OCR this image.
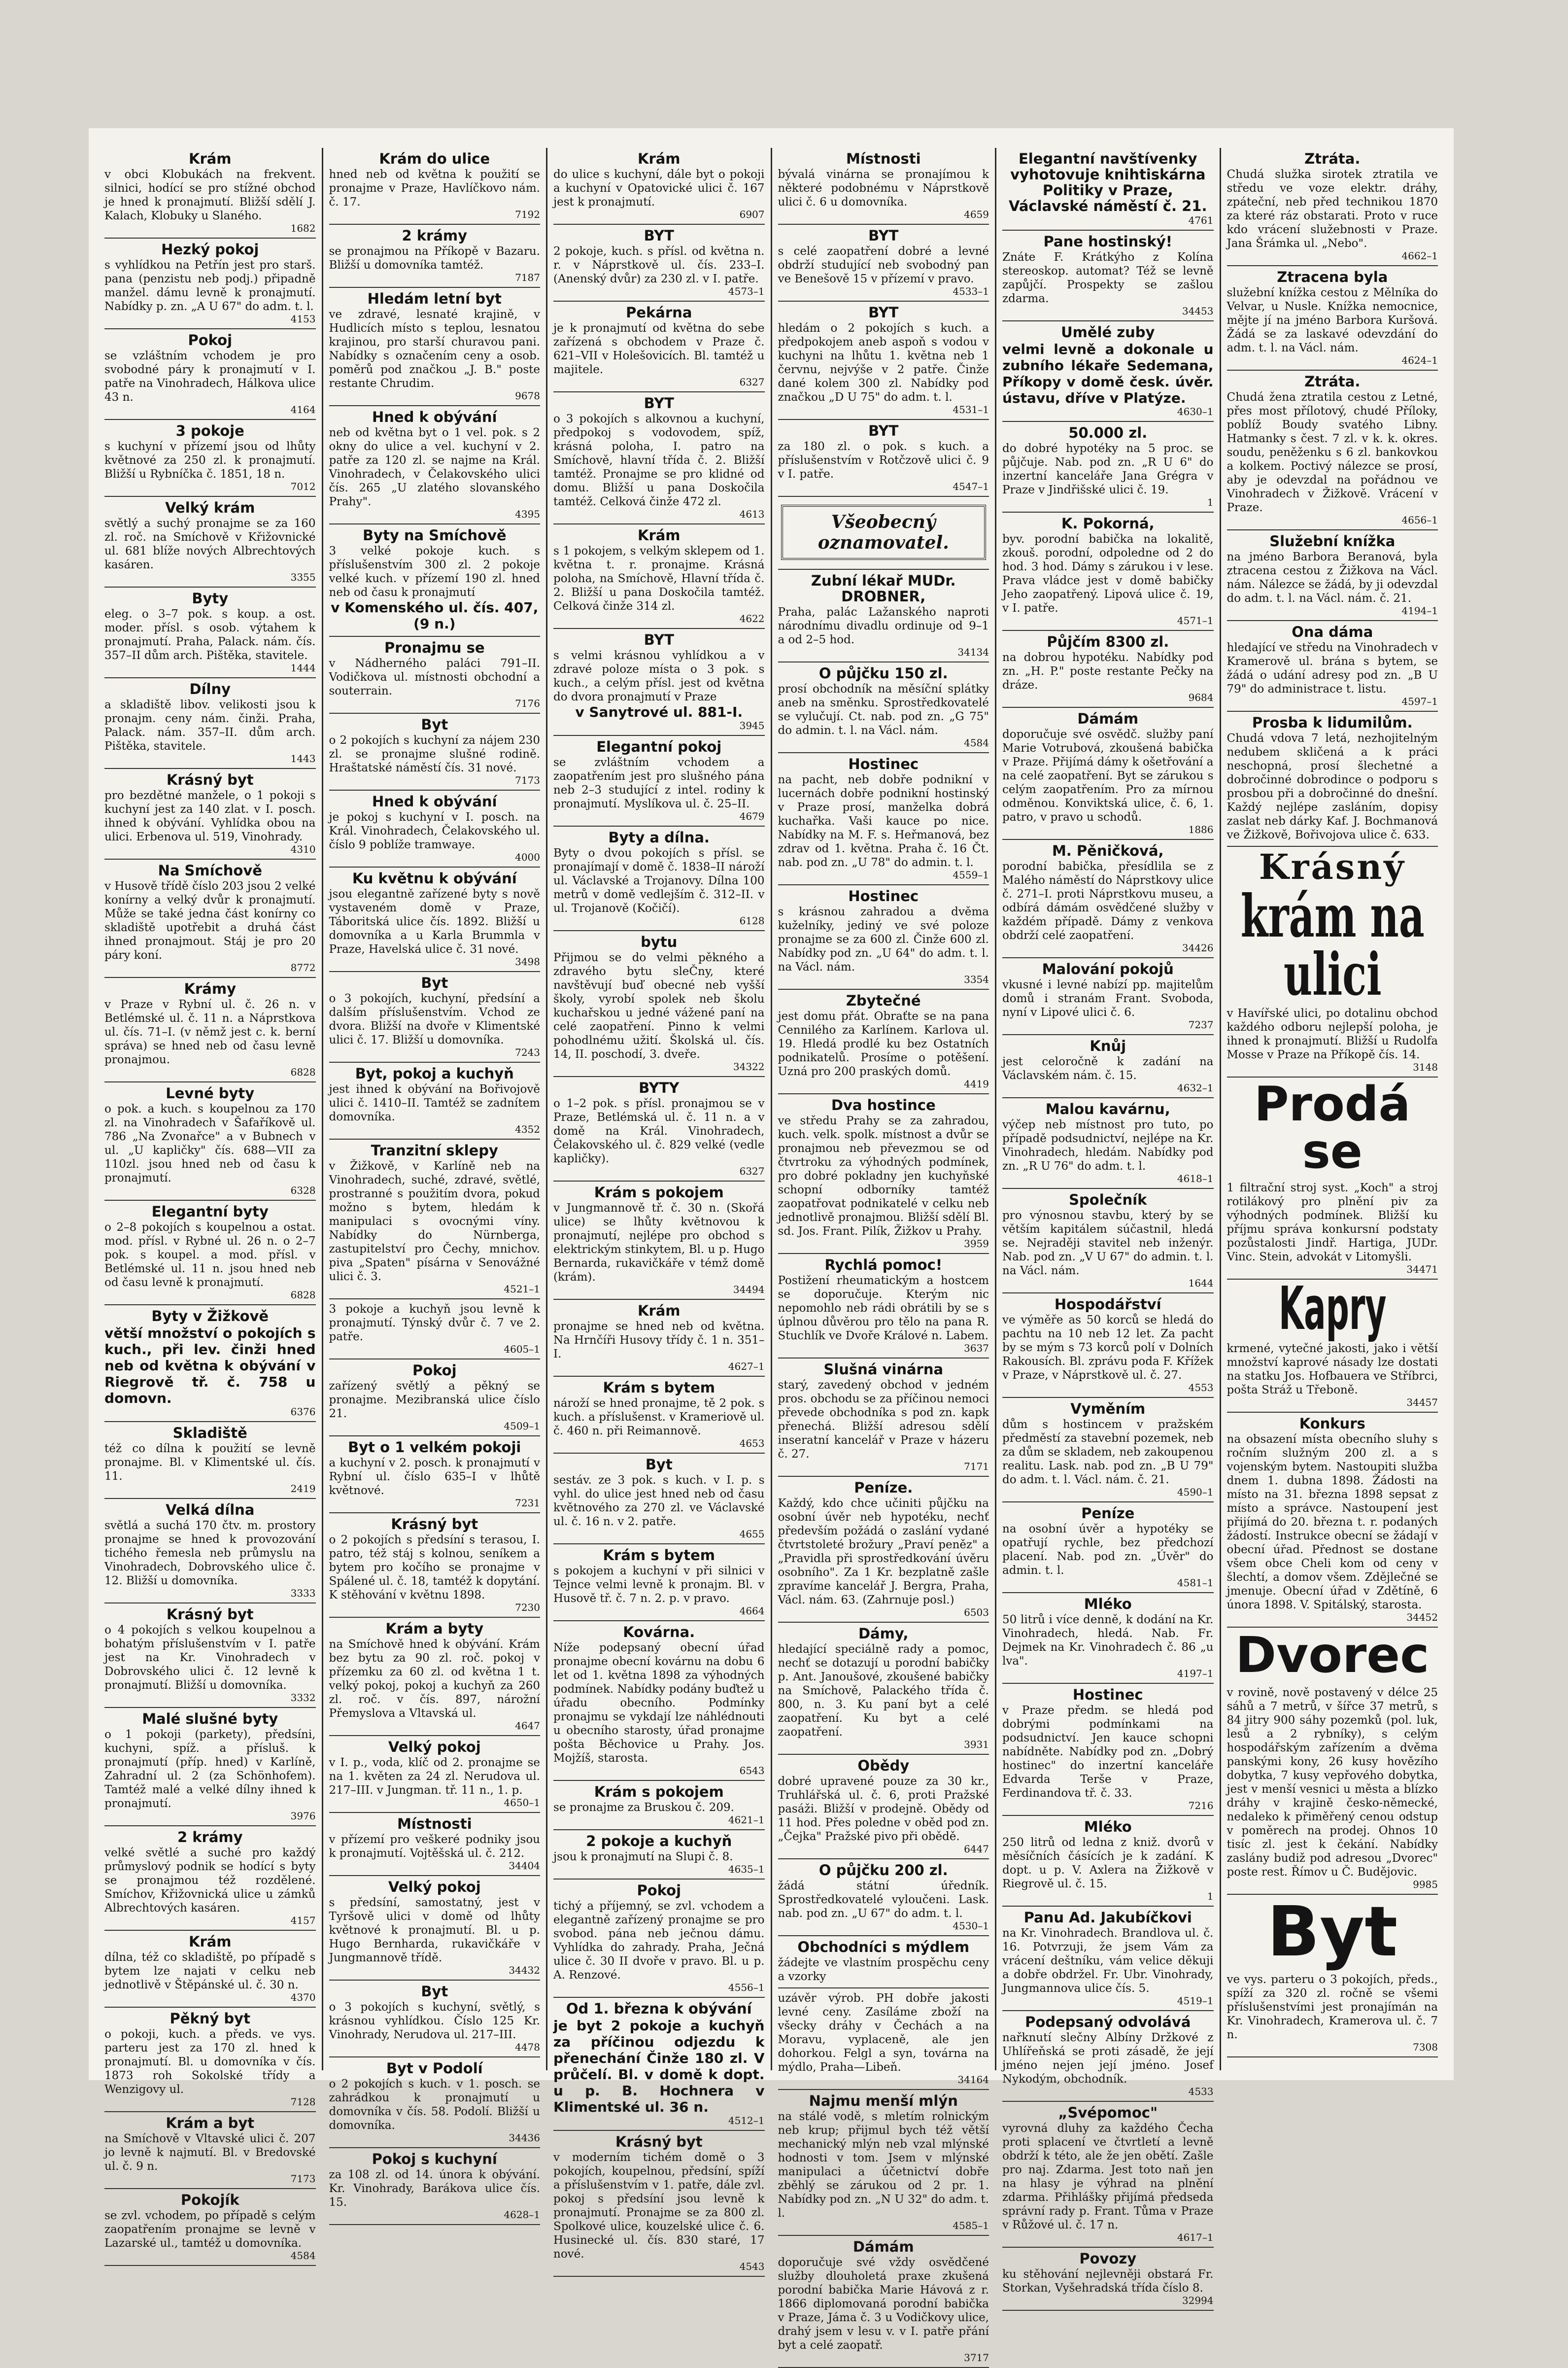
Krám

v obci Klobukách na frekvent. silnici, hodící se pro stížné obchod je hned k pronajmutí. Bližší sdělí J. Kalach, Klobuky u Slaného.

1682

Hezký pokoj

s vyhlídkou na Petřín jest pro starš. pana (penzistu neb podj.) připadně manžel. dámu levně k pronajmutí. Nabídky p. zn. „A U 67" do adm. t. l.

4153

Pokoj

se vzláštním vchodem je pro svobodné páry k pronajmutí v I. patře na Vinohradech, Hálkova ulice 43 n.

4164

3 pokoje

s kuchyní v přízemí jsou od lhůty květnové za 250 zl. k pronajmutí. Bližší u Rybníčka č. 1851, 18 n.

7012

Velký krám

světlý a suchý pronajme se za 160 zl. roč. na Smíchově v Křižovnické ul. 681 blíže nových Albrechtových kasáren.

3355

Byty

eleg. o 3–7 pok. s koup. a ost. moder. přísl. s osob. výtahem k pronajmutí. Praha, Palack. nám. čís. 357–II dům arch. Pištěka, stavitele.

1444

Dílny

a skladiště libov. velikosti jsou k pronajm. ceny nám. činži. Praha, Palack. nám. 357–II. dům arch. Pištěka, stavitele.

1443

Krásný byt

pro bezdětné manžele, o 1 pokoji s kuchyní jest za 140 zlat. v I. posch. ihned k obývání. Vyhlídka obou na ulici. Erbenova ul. 519, Vinohrady.

4310

Na Smíchově

v Husově třídě číslo 203 jsou 2 velké konírny a velký dvůr k pronajmutí. Může se také jedna část konírny co skladiště upotřebit a druhá část ihned pronajmout. Stáj je pro 20 páry koní.

8772

Krámy

v Praze v Rybní ul. č. 26 n. v Betlémské ul. č. 11 n. a Náprstkova ul. čís. 71–I. (v němž jest c. k. berní správa) se hned neb od času levně pronajmou.

6828

Levné byty

o pok. a kuch. s koupelnou za 170 zl. na Vinohradech v Šafaříkově ul. 786 „Na Zvonařce" a v Bubnech v ul. „U kapličky" čís. 688—VII za 110zl. jsou hned neb od času k pronajmutí.

6328

Elegantní byty

o 2–8 pokojích s koupelnou a ostat. mod. přísl. v Rybné ul. 26 n. o 2–7 pok. s koupel. a mod. přísl. v Betlémské ul. 11 n. jsou hned neb od času levně k pronajmutí.

6828

Byty v Žižkově

větší množství o pokojích s kuch., při lev. činži hned neb od května k obývání v Riegrově tř. č. 758 u domovn.

6376

Skladiště

též co dílna k použití se levně pronajme. Bl. v Klimentské ul. čís. 11.

2419

Velká dílna

světlá a suchá 170 čtv. m. prostory pronajme se hned k provozování tichého řemesla neb průmyslu na Vinohradech, Dobrovského ulice č. 12. Bližší u domovníka.

3333

Krásný byt

o 4 pokojích s velkou koupelnou a bohatým příslušenstvím v I. patře jest na Kr. Vinohradech v Dobrovského ulici č. 12 levně k pronajmutí. Bližší u domovníka.

3332

Malé slušné byty

o 1 pokoji (parkety), předsíni, kuchyni, spíž. a přísluš. k pronajmutí (příp. hned) v Karlíně, Zahradní ul. 2 (za Schönhofem). Tamtéž malé a velké dílny ihned k pronajmutí.

3976

2 krámy

velké světlé a suché pro každý průmyslový podnik se hodící s byty se pronajmou též rozdělené. Smíchov, Křižovnická ulice u zámků Albrechtových kasáren.

4157

Krám

dílna, též co skladiště, po případě s bytem lze najati v celku neb jednotlivě v Štěpánské ul. č. 30 n.

4370

Pěkný byt

o pokoji, kuch. a předs. ve vys. parteru jest za 170 zl. hned k pronajmutí. Bl. u domovníka v čís. 1873 roh Sokolské třídy a Wenzigovy ul.

7128

Krám a byt

na Smíchově v Vltavské ulici č. 207 jo levně k najmutí. Bl. v Bredovské ul. č. 9 n.

7173

Pokojík

se zvl. vchodem, po případě s celým zaopatřením pronajme se levně v Lazarské ul., tamtéž u domovníka.

4584

Krám do ulice

hned neb od května k použití se pronajme v Praze, Havlíčkovo nám. č. 17.

7192

2 krámy

se pronajmou na Příkopě v Bazaru. Bližší u domovníka tamtéž.

7187

Hledám letní byt

ve zdravé, lesnaté krajině, v Hudlicích místo s teplou, lesnatou krajinou, pro starší churavou pani. Nabídky s označením ceny a osob. poměrů pod značkou „J. B." poste restante Chrudim.

9678

Hned k obývání

neb od května byt o 1 vel. pok. s 2 okny do ulice a vel. kuchyní v 2. patře za 120 zl. se najme na Král. Vinohradech, v Čelakovského ulici čís. 265 „U zlatého slovanského Prahy".

4395

Byty na Smíchově

3 velké pokoje kuch. s příslušenstvím 300 zl. 2 pokoje velké kuch. v přízemí 190 zl. hned neb od času k pronajmutí

v Komenského ul. čís. 407, (9 n.)

Pronajmu se

v Nádherného paláci 791–II. Vodičkova ul. místnosti obchodní a souterrain.

7176

Byt

o 2 pokojích s kuchyní za nájem 230 zl. se pronajme slušné rodině. Hraštatské náměstí čís. 31 nové.

7173

Hned k obývání

je pokoj s kuchyní v I. posch. na Král. Vinohradech, Čelakovského ul. číslo 9 poblíže tramwaye.

4000

Ku květnu k obývání

jsou elegantně zařízené byty s nově vystaveném domě v Praze, Táboritská ulice čís. 1892. Bližší u domovníka a u Karla Brummla v Praze, Havelská ulice č. 31 nové.

3498

Byt

o 3 pokojích, kuchyní, předsíní a dalším příslušenstvím. Vchod ze dvora. Bližší na dvoře v Klimentské ulici č. 17. Bližší u domovníka.

7243

Byt, pokoj a kuchyň

jest ihned k obývání na Bořivojově ulici č. 1410–II. Tamtéž se zadnítem domovníka.

4352

Tranzitní sklepy

v Žižkově, v Karlíně neb na Vinohradech, suché, zdravé, světlé, prostranné s použitím dvora, pokud možno s bytem, hledám k manipulaci s ovocnými víny. Nabídky do Nürnberga, zastupitelství pro Čechy, mnichov. piva „Spaten" písárna v Senovážné ulici č. 3.

4521–1

3 pokoje a kuchyň jsou levně k pronajmutí. Týnský dvůr č. 7 ve 2. patře.

4605–1

Pokoj

zařízený světlý a pěkný se pronajme. Mezibranská ulice číslo 21.

4509–1

Byt o 1 velkém pokoji

a kuchyní v 2. posch. k pronajmutí v Rybní ul. číslo 635–I v lhůtě květnové.

7231

Krásný byt

o 2 pokojích s předsíní s terasou, I. patro, též stáj s kolnou, seníkem a bytem pro kočího se pronajme v Spálené ul. č. 18, tamtéž k dopytání. K stěhování v květnu 1898.

7230

Krám a byty

na Smíchově hned k obývání. Krám bez bytu za 90 zl. roč. pokoj v přízemku za 60 zl. od května 1 t. velký pokoj, pokoj a kuchyň za 260 zl. roč. v čís. 897, nárožní Přemyslova a Vltavská ul.

4647

Velký pokoj

v I. p., voda, klíč od 2. pronajme se na 1. květen za 24 zl. Nerudova ul. 217–III. v Jungman. tř. 11 n., 1. p.

4650–1

Místnosti

v přízemí pro veškeré podniky jsou k pronajmutí. Vojtěšská ul. č. 212.

34404

Velký pokoj

s předsíní, samostatný, jest v Tyršově ulici v domě od lhůty květnové k pronajmutí. Bl. u p. Hugo Bernharda, rukavičkáře v Jungmannově třídě.

34432

Byt

o 3 pokojích s kuchyní, světlý, s krásnou vyhlídkou. Číslo 125 Kr. Vinohrady, Nerudova ul. 217–III.

4478

Byt v Podolí

o 2 pokojích s kuch. v 1. posch. se zahrádkou k pronajmutí u domovníka v čís. 58. Podolí. Bližší u domovníka.

34436

Pokoj s kuchyní

za 108 zl. od 14. února k obývání. Kr. Vinohrady, Barákova ulice čís. 15.

4628–1

Krám

do ulice s kuchyní, dále byt o pokoji a kuchyní v Opatovické ulici č. 167 jest k pronajmutí.

6907

BYT

2 pokoje, kuch. s přísl. od května n. r. v Náprstkově ul. čís. 233–I. (Anenský dvůr) za 230 zl. v I. patře.

4573–1

Pekárna

je k pronajmutí od května do sebe zařízená s obchodem v Praze č. 621–VII v Holešovicích. Bl. tamtéž u majitele.

6327

BYT

o 3 pokojích s alkovnou a kuchyní, předpokoj s vodovodem, spíž, krásná poloha, I. patro na Smíchově, hlavní třída č. 2. Bližší tamtéž. Pronajme se pro klidné od domu. Bližší u pana Doskočila tamtéž. Celková činže 472 zl.

4613

Krám

s 1 pokojem, s velkým sklepem od 1. května t. r. pronajme. Krásná poloha, na Smíchově, Hlavní třída č. 2. Bližší u pana Doskočila tamtéž. Celková činže 314 zl.

4622

BYT

s velmi krásnou vyhlídkou a v zdravé poloze místa o 3 pok. s kuch., a celým přísl. jest od května do dvora pronajmutí v Praze

v Sanytrové ul. 881-I.

3945

Elegantní pokoj

se zvláštním vchodem a zaopatřením jest pro slušného pána neb 2–3 studující z intel. rodiny k pronajmutí. Myslíkova ul. č. 25–II.

4679

Byty a dílna.

Byty o dvou pokojích s přísl. se pronajímají v domě č. 1838–II nároží ul. Václavské a Trojanovy. Dílna 100 metrů v domě vedlejším č. 312–II. v ul. Trojanově (Kočičí).

6128

bytu

Přijmou se do velmi pěkného a zdravého bytu sleČny, které navštěvují buď obecné neb vyšší školy, vyrobí spolek neb školu kuchařskou u jedné vážené paní na celé zaopatření. Pinno k velmi pohodlnému užití. Školská ul. čís. 14, II. poschodí, 3. dveře.

34322

BYTY

o 1–2 pok. s přísl. pronajmou se v Praze, Betlémská ul. č. 11 n. a v domě na Král. Vinohradech, Čelakovského ul. č. 829 velké (vedle kapličky).

6327

Krám s pokojem

v Jungmannově tř. č. 30 n. (Skořá ulice) se lhůty květnovou k pronajmutí, nejlépe pro obchod s elektrickým stinkytem, Bl. u p. Hugo Bernarda, rukavičkáře v témž domě (krám).

34494

Krám

pronajme se hned neb od května. Na Hrnčíři Husovy třídy č. 1 n. 351–I.

4627–1

Krám s bytem

nároží se hned pronajme, tě 2 pok. s kuch. a příslušenst. v Krameriově ul. č. 460 n. při Reimannově.

4653

Byt

sestáv. ze 3 pok. s kuch. v I. p. s vyhl. do ulice jest hned neb od času květnového za 270 zl. ve Václavské ul. č. 16 n. v 2. patře.

4655

Krám s bytem

s pokojem a kuchyní v při silnici v Tejnce velmi levně k pronajm. Bl. v Husově tř. č. 7 n. 2. p. v pravo.

4664

Kovárna.

Níže podepsaný obecní úřad pronajme obecní kovárnu na dobu 6 let od 1. května 1898 za výhodných podmínek. Nabídky podány buďtež u úřadu obecního. Podmínky pronajmu se vykdají lze náhlédnouti u obecního starosty, úřad pronajme pošta Běchovice u Prahy. Jos. Mojžíš, starosta.

6543

Krám s pokojem

se pronajme za Bruskou č. 209.

4621–1

2 pokoje a kuchyň

jsou k pronajmutí na Slupi č. 8.

4635–1

Pokoj

tichý a příjemný, se zvl. vchodem a elegantně zařízený pronajme se pro svobod. pána neb ječnou dámu. Vyhlídka do zahrady. Praha, Ječná ulice č. 30 II dvoře v pravo. Bl. u p. A. Renzové.

4556–1

Od 1. března k obývání

je byt 2 pokoje a kuchyň za příčinou odjezdu k přenechání Činže 180 zl. V průčelí. Bl. v domě k dopt. u p. B. Hochnera v Klimentské ul. 36 n.

4512–1

Krásný byt

v moderním tichém domě o 3 pokojích, koupelnou, předsíní, spíží a příslušenstvím v 1. patře, dále zvl. pokoj s předsíní jsou levně k pronajmutí. Pronajme se za 800 zl. Spolkové ulice, kouzelské ulice č. 6. Husinecké ul. čís. 830 staré, 17 nové.

4543

Místnosti

bývalá vinárna se pronajímou k některé podobnému v Náprstkově ulici č. 6 u domovníka.

4659

BYT

s celé zaopatření dobré a levné obdrží studující neb svobodný pan ve Benešově 15 v přízemí v pravo.

4533–1

BYT

hledám o 2 pokojích s kuch. a předpokojem aneb aspoň s vodou v kuchyni na lhůtu 1. května neb 1 červnu, nejvýše v 2 patře. Činže dané kolem 300 zl. Nabídky pod značkou „D U 75" do adm. t. l.

4531–1

BYT

za 180 zl. o pok. s kuch. a příslušenstvím v Rotčzově ulici č. 9 v I. patře.

4547–1

Všeobecný oznamovatel.
Zubní lékař MUDr. DROBNER,

Praha, palác Lažanského naproti národnímu divadlu ordinuje od 9–1 a od 2–5 hod.

34134

O půjčku 150 zl.

prosí obchodník na měsíční splátky aneb na směnku. Sprostředkovatelé se vylučují. Ct. nab. pod zn. „G 75" do admin. t. l. na Václ. nám.

4584

Hostinec

na pacht, neb dobře podnikní v lucernách dobře podnikní hostinský v Praze prosí, manželka dobrá kuchařka. Vaši kauce po nice. Nabídky na M. F. s. Heřmanová, bez zdrav od 1. května. Praha č. 16 Čt. nab. pod zn. „U 78" do admin. t. l.

4559–1

Hostinec

s krásnou zahradou a dvěma kuželníky, jediný ve své poloze pronajme se za 600 zl. Činže 600 zl. Nabídky pod zn. „U 64" do adm. t. l. na Václ. nám.

3354

Zbytečné

jest domu přát. Obraťte se na pana Cennilého za Karlínem. Karlova ul. 19. Hledá prodlé ku bez Ostatních podnikatelů. Prosíme o potěšení. Uzná pro 200 praských domů.

4419

Dva hostince

ve středu Prahy se za zahradou, kuch. velk. spolk. místnost a dvůr se pronajmou neb převezmou se od čtvrtroku za výhodných podmínek, pro dobré pokladny jen kuchyňské schopní odborníky tamtéž zaopatřovat podnikatelé v celku neb jednotlivě pronajmou. Bližší sdělí Bl. sd. Jos. Frant. Pilík, Žižkov u Prahy.

3959

Rychlá pomoc!

Postižení rheumatickým a hostcem se doporučuje. Kterým nic nepomohlo neb rádi obrátili by se s úplnou důvěrou pro tělo na pana R. Stuchlík ve Dvoře Králové n. Labem.

3637

Slušná vinárna

starý, zavedený obchod v jedném pros. obchodu se za příčinou nemoci převede obchodníka s pod zn. kapk přenechá. Bližší adresou sdělí inseratní kancelář v Praze v házeru č. 27.

7171

Peníze.

Každý, kdo chce učiniti půjčku na osobní úvěr neb hypotéku, nechť především požádá o zaslání vydané čtvrtstoleté brožury „Praví peněz" a „Pravidla při sprostředkování úvěru osobního". Za 1 Kr. bezplatně zašle zpravíme kancelář J. Bergra, Praha, Václ. nám. 63. (Zahrnuje posl.)

6503

Dámy,

hledající speciálně rady a pomoc, nechť se dotazují u porodní babičky p. Ant. Janoušové, zkoušené babičky na Smíchově, Palackého třída č. 800, n. 3. Ku paní byt a celé zaopatření. Ku byt a celé zaopatření.

3931

Obědy

dobré upravené pouze za 30 kr., Truhlářská ul. č. 6, proti Pražské pasáži. Bližší v prodejně. Obědy od 11 hod. Přes poledne v oběd pod zn. „Čejka" Pražské pivo při obědě.

6447

O půjčku 200 zl.

žádá státní úředník. Sprostředkovatelé vyloučeni. Lask. nab. pod zn. „U 67" do adm. t. l.

4530–1

Obchodníci s mýdlem

žádejte ve vlastním prospěchu ceny a vzorky

uzávěr výrob. PH dobře jakosti levné ceny. Zasíláme zboží na všecky dráhy v Čechách a na Moravu, vyplaceně, ale jen dohorkou. Felgl a syn, továrna na mýdlo, Praha—Libeň.

34164

Najmu menší mlýn

na stálé vodě, s mletím rolnickým neb krup; přijmul bych též větší mechanický mlýn neb vzal mlýnské hodnosti v tom. Jsem v mlýnské manipulaci a účetnictví dobře zběhlý se zárukou od 2 pr. 1. Nabídky pod zn. „N U 32" do adm. t. l.

4585–1

Dámám

doporučuje své vždy osvědčené služby dlouholetá praxe zkušená porodní babička Marie Hávová z r. 1866 diplomovaná porodní babička v Praze, Jáma č. 3 u Vodičkovy ulice, drahý jsem v lesu v. v I. patře přání byt a celé zaopatř.

3717

Elegantní navštívenky vyhotovuje knihtiskárna Politiky v Praze, Václavské náměstí č. 21.

4761

Pane hostinský!

Znáte F. Krátkýho z Kolína stereoskop. automat? Též se levně zapůjčí. Prospekty se zašlou zdarma.

34453

Umělé zuby

velmi levně a dokonale u zubního lékaře Sedemana, Příkopy v domě česk. úvěr. ústavu, dříve v Platýze.

4630–1

50.000 zl.

do dobré hypotéky na 5 proc. se půjčuje. Nab. pod zn. „R U 6" do inzertní kanceláře Jana Grégra v Praze v Jindřišské ulici č. 19.

1

K. Pokorná,

byv. porodní babička na lokalitě, zkouš. porodní, odpoledne od 2 do hod. 3 hod. Dámy s zárukou i v lese. Prava vládce jest v domě babičky Jeho zaopatřený. Lipová ulice č. 19, v I. patře.

4571–1

Půjčím 8300 zl.

na dobrou hypotéku. Nabídky pod zn. „H. P." poste restante Pečky na dráze.

9684

Dámám

doporučuje své osvědč. služby paní Marie Votrubová, zkoušená babička v Praze. Přijímá dámy k ošetřování a na celé zaopatření. Byt se zárukou s celým zaopatřením. Pro za mírnou odměnou. Konviktská ulice, č. 6, 1. patro, v pravo u schodů.

1886

M. Pěničková,

porodní babička, přesídlila se z Malého náměstí do Náprstkovy ulice č. 271–I. proti Náprstkovu museu, a odbírá dámám osvědčené služby v každém případě. Dámy z venkova obdrží celé zaopatření.

34426

Malování pokojů

vkusné i levné nabízí pp. majitelům domů i stranám Frant. Svoboda, nyní v Lipové ulici č. 6.

7237

Knůj

jest celoročně k zadání na Václavském nám. č. 15.

4632–1

Malou kavárnu,

výčep neb místnost pro tuto, po případě podsudnictví, nejlépe na Kr. Vinohradech, hledám. Nabídky pod zn. „R U 76" do adm. t. l.

4618–1

Společník

pro výnosnou stavbu, který by se větším kapitálem súčastnil, hledá se. Nejraději stavitel neb inženýr. Nab. pod zn. „V U 67" do admin. t. l. na Václ. nám.

1644

Hospodářství

ve výměře as 50 korců se hledá do pachtu na 10 neb 12 let. Za pacht by se mým s 73 korců polí v Dolních Rakousích. Bl. zprávu poda F. Křížek v Praze, v Náprstkově ul. č. 27.

4553

Vyměním

dům s hostincem v pražském předměstí za stavební pozemek, neb za dům se skladem, neb zakoupenou realitu. Lask. nab. pod zn. „B U 79" do adm. t. l. Václ. nám. č. 21.

4590–1

Peníze

na osobní úvěr a hypotéky se opatřují rychle, bez předchozí placení. Nab. pod zn. „Úvěr" do admin. t. l.

4581–1

Mléko

50 litrů i více denně, k dodání na Kr. Vinohradech, hledá. Nab. Fr. Dejmek na Kr. Vinohradech č. 86 „u lva".

4197–1

Hostinec

v Praze předm. se hledá pod dobrými podmínkami na podsudnictví. Jen kauce schopni nabídněte. Nabídky pod zn. „Dobrý hostinec" do inzertní kanceláře Edvarda Terše v Praze, Ferdinandova tř. č. 33.

7216

Mléko

250 litrů od ledna z kniž. dvorů v měsíčních čásících je k zadání. K dopt. u p. V. Axlera na Žižkově v Riegrově ul. č. 15.

1

Panu Ad. Jakubíčkovi

na Kr. Vinohradech. Brandlova ul. č. 16. Potvrzuji, že jsem Vám za vrácení deštníku, vám velice děkuji a dobře obdržel. Fr. Ubr. Vinohrady, Jungmannova ulice čís. 5.

4519–1

Podepsaný odvolává

nařknutí slečny Albíny Držkové z Uhlířeňská se proti zásadě, že její jméno nejen její jméno. Josef Nykodým, obchodník.

4533

„Svépomoc"

vyrovná dluhy za každého Čecha proti splacení ve čtvrtletí a levně obdrží k této, ale že jen obětí. Zašle pro naj. Zdarma. Jest toto naň jen na hlasy je výhrad na plnění zdarma. Přihlášky přijímá předseda správní rady p. Frant. Tůma v Praze v Růžové ul. č. 17 n.

4617–1

Povozy

ku stěhování nejlevněji obstará Fr. Storkan, Vyšehradská třída číslo 8.

32994

Ztráta.

Chudá služka sirotek ztratila ve středu ve voze elektr. dráhy, zpáteční, neb před technikou 1870 za které ráz obstarati. Proto v ruce kdo vrácení služebnosti v Praze. Jana Šrámka ul. „Nebo".

4662–1

Ztracena byla

služební knížka cestou z Mělníka do Velvar, u Nusle. Knížka nemocnice, mějte jí na jméno Barbora Kuršová. Žádá se za laskavé odevzdání do adm. t. l. na Václ. nám.

4624–1

Ztráta.

Chudá žena ztratila cestou z Letné, přes most přílotový, chudé Příloky, poblíž Boudy svatého Libny. Hatmanky s čest. 7 zl. v k. k. okres. soudu, peněženku s 6 zl. bankovkou a kolkem. Poctivý nálezce se prosí, aby je odevzdal na pořádnou ve Vinohradech v Žižkově. Vrácení v Praze.

4656–1

Služební knížka

na jméno Barbora Beranová, byla ztracena cestou z Žižkova na Václ. nám. Nálezce se žádá, by ji odevzdal do adm. t. l. na Václ. nám. č. 21.

4194–1

Ona dáma

hledající ve středu na Vinohradech v Kramerově ul. brána s bytem, se žádá o udání adresy pod zn. „B U 79" do administrace t. listu.

4597–1

Prosba k lidumilům.

Chudá vdova 7 letá, nezhojitelným nedubem skličená a k práci neschopná, prosí šlechetné a dobročinné dobrodince o podporu s prosbou při a dobročinné do dnešní. Každý nejlépe zasláním, dopisy zaslat neb dárky Kaf. J. Bochmanová ve Žižkově, Bořivojova ulice č. 633.

Krásný
krám na ulici

v Havířské ulici, po dotalinu obchod každého odboru nejlepší poloha, je ihned k pronajmutí. Bližší u Rudolfa Mosse v Praze na Příkopě čís. 14.

3148

Prodá se

1 filtrační stroj syst. „Koch" a stroj rotilákový pro plnění piv za výhodných podmínek. Bližší ku příjmu správa konkursní podstaty pozůstalosti Jindř. Hartiga, JUDr. Vinc. Stein, advokát v Litomyšli.

34471

Kapry

krmené, vytečné jakosti, jako i větší množství kaprové násady lze dostati na statku Jos. Hofbauera ve Stříbrci, pošta Stráž u Třeboně.

34457

Konkurs

na obsazení místa obecního sluhy s ročním služným 200 zl. a s vojenským bytem. Nastoupiti služba dnem 1. dubna 1898. Žádosti na místo na 31. března 1898 sepsat z místo a správce. Nastoupení jest přijímá do 20. března t. r. podaných žádostí. Instrukce obecní se žádají v obecní úřad. Přednost se dostane všem obce Cheli kom od ceny v šlechtí, a domov všem. Zdějlečné se jmenuje. Obecní úřad v Zdětíně, 6 února 1898. V. Spitálský, starosta.

34452

Dvorec

v rovině, nově postavený v délce 25 sáhů a 7 metrů, v šířce 37 metrů, s 84 jitry 900 sáhy pozemků (pol. luk, lesů a 2 rybníky), s celým hospodářským zařízením a dvěma panskými kony, 26 kusy hovězího dobytka, 7 kusy vepřového dobytka, jest v menší vesnici u města a blízko dráhy v krajině česko-německé, nedaleko k přiměřený cenou odstup v poměrech na prodej. Ohnos 10 tisíc zl. jest k čekání. Nabídky zaslány budiž pod adresou „Dvorec" poste rest. Římov u Č. Budějovic.

9985

Byt

ve vys. parteru o 3 pokojích, předs., spíží za 320 zl. ročně se všemi příslušenstvími jest pronajímán na Kr. Vinohradech, Kramerova ul. č. 7 n.

7308
